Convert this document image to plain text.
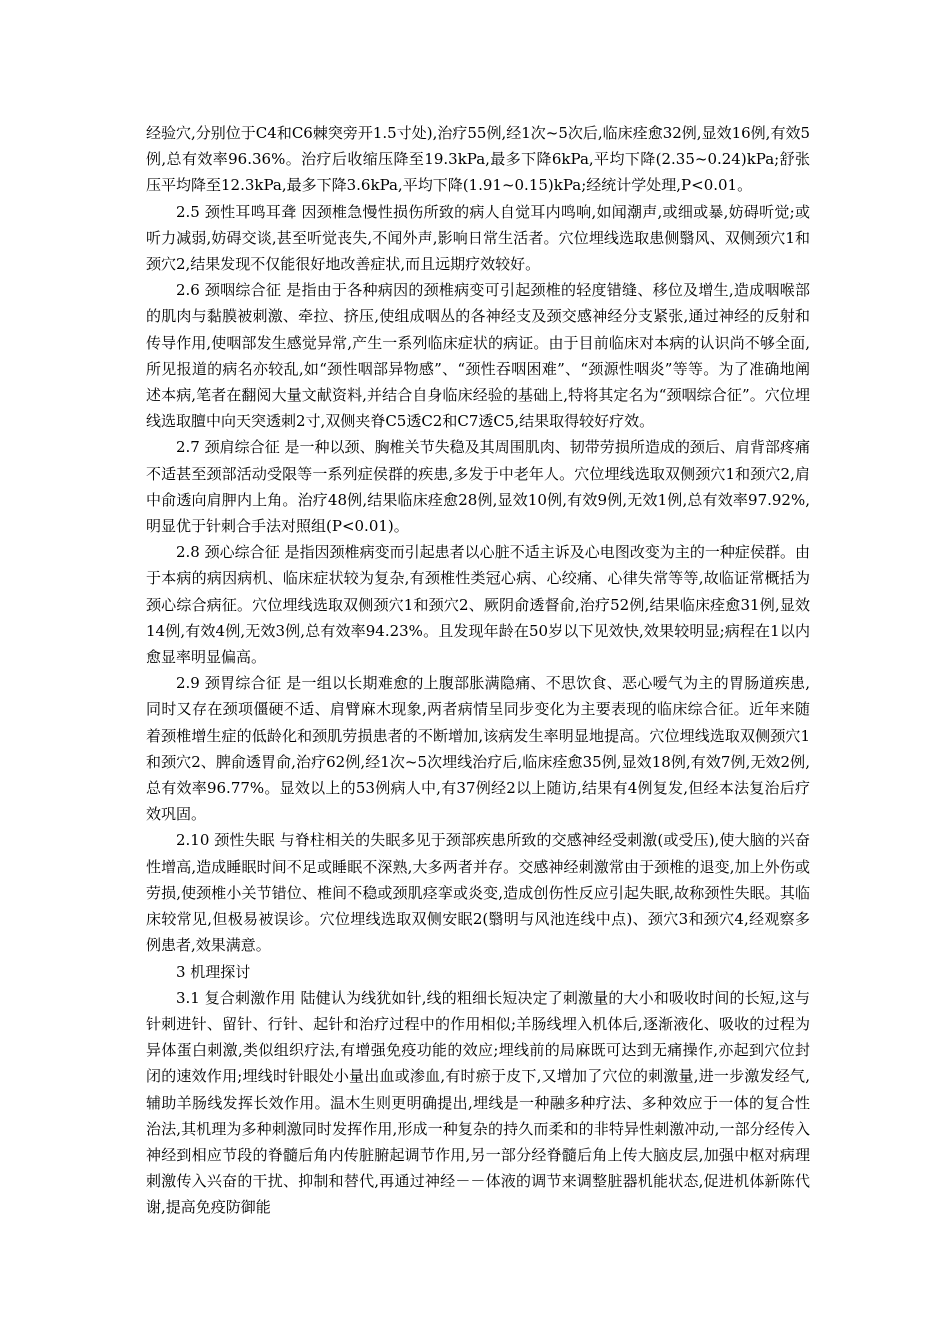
经验穴,分别位于C4和C6棘突旁开1.5寸处),治疗55例,经1次~5次后,临床痊愈32例,显效16例,有效5例,总有效率96.36%。治疗后收缩压降至19.3kPa,最多下降6kPa,平均下降(2.35~0.24)kPa;舒张压平均降至12.3kPa,最多下降3.6kPa,平均下降(1.91~0.15)kPa;经统计学处理,P<0.01。

2.5 颈性耳鸣耳聋 因颈椎急慢性损伤所致的病人自觉耳内鸣响,如闻潮声,或细或暴,妨碍听觉;或听力减弱,妨碍交谈,甚至听觉丧失,不闻外声,影响日常生活者。穴位埋线选取患侧翳风、双侧颈穴1和颈穴2,结果发现不仅能很好地改善症状,而且远期疗效较好。

2.6 颈咽综合征 是指由于各种病因的颈椎病变可引起颈椎的轻度错缝、移位及增生,造成咽喉部的肌肉与黏膜被刺激、牵拉、挤压,使组成咽丛的各神经支及颈交感神经分支紧张,通过神经的反射和传导作用,使咽部发生感觉异常,产生一系列临床症状的病证。由于目前临床对本病的认识尚不够全面,所见报道的病名亦较乱,如“颈性咽部异物感”、“颈性吞咽困难”、“颈源性咽炎”等等。为了准确地阐述本病,笔者在翻阅大量文献资料,并结合自身临床经验的基础上,特将其定名为“颈咽综合征”。穴位埋线选取膻中向天突透刺2寸,双侧夹脊C5透C2和C7透C5,结果取得较好疗效。

2.7 颈肩综合征 是一种以颈、胸椎关节失稳及其周围肌肉、韧带劳损所造成的颈后、肩背部疼痛不适甚至颈部活动受限等一系列症侯群的疾患,多发于中老年人。穴位埋线选取双侧颈穴1和颈穴2,肩中俞透向肩胛内上角。治疗48例,结果临床痊愈28例,显效10例,有效9例,无效1例,总有效率97.92%,明显优于针刺合手法对照组(P<0.01)。

2.8 颈心综合征 是指因颈椎病变而引起患者以心脏不适主诉及心电图改变为主的一种症侯群。由于本病的病因病机、临床症状较为复杂,有颈椎性类冠心病、心绞痛、心律失常等等,故临证常概括为颈心综合病征。穴位埋线选取双侧颈穴1和颈穴2、厥阴俞透督俞,治疗52例,结果临床痊愈31例,显效14例,有效4例,无效3例,总有效率94.23%。且发现年龄在50岁以下见效快,效果较明显;病程在1以内愈显率明显偏高。

2.9 颈胃综合征 是一组以长期难愈的上腹部胀满隐痛、不思饮食、恶心嗳气为主的胃肠道疾患,同时又存在颈项僵硬不适、肩臂麻木现象,两者病情呈同步变化为主要表现的临床综合征。近年来随着颈椎增生症的低龄化和颈肌劳损患者的不断增加,该病发生率明显地提高。穴位埋线选取双侧颈穴1和颈穴2、脾俞透胃俞,治疗62例,经1次~5次埋线治疗后,临床痊愈35例,显效18例,有效7例,无效2例,总有效率96.77%。显效以上的53例病人中,有37例经2以上随访,结果有4例复发,但经本法复治后疗效巩固。

2.10 颈性失眠 与脊柱相关的失眠多见于颈部疾患所致的交感神经受刺激(或受压),使大脑的兴奋性增高,造成睡眠时间不足或睡眠不深熟,大多两者并存。交感神经刺激常由于颈椎的退变,加上外伤或劳损,使颈椎小关节错位、椎间不稳或颈肌痉挛或炎变,造成创伤性反应引起失眠,故称颈性失眠。其临床较常见,但极易被误诊。穴位埋线选取双侧安眠2(翳明与风池连线中点)、颈穴3和颈穴4,经观察多例患者,效果满意。

3 机理探讨

3.1 复合刺激作用 陆健认为线犹如针,线的粗细长短决定了刺激量的大小和吸收时间的长短,这与针刺进针、留针、行针、起针和治疗过程中的作用相似;羊肠线埋入机体后,逐渐液化、吸收的过程为异体蛋白刺激,类似组织疗法,有增强免疫功能的效应;埋线前的局麻既可达到无痛操作,亦起到穴位封闭的速效作用;埋线时针眼处小量出血或渗血,有时瘀于皮下,又增加了穴位的刺激量,进一步激发经气,辅助羊肠线发挥长效作用。温木生则更明确提出,埋线是一种融多种疗法、多种效应于一体的复合性治法,其机理为多种刺激同时发挥作用,形成一种复杂的持久而柔和的非特异性刺激冲动,一部分经传入神经到相应节段的脊髓后角内传脏腑起调节作用,另一部分经脊髓后角上传大脑皮层,加强中枢对病理刺激传入兴奋的干扰、抑制和替代,再通过神经－－体液的调节来调整脏器机能状态,促进机体新陈代谢,提高免疫防御能
